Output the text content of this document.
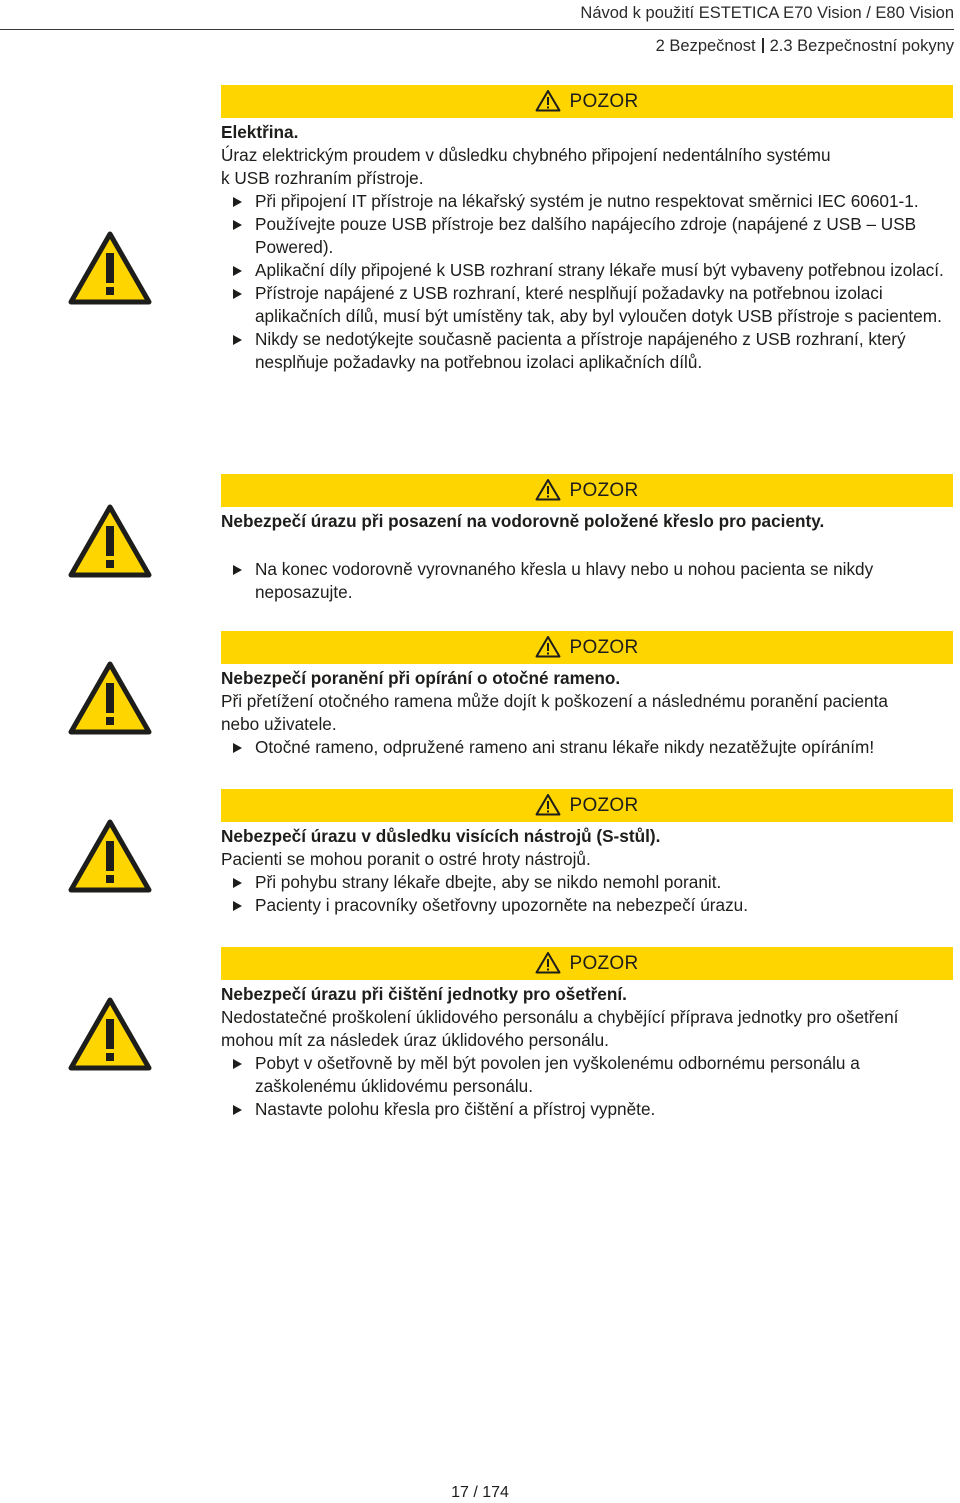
Návod k použití ESTETICA E70 Vision / E80 Vision
2 Bezpečnost 2.3 Bezpečnostní pokyny
POZOR

Elektřina.

Úraz elektrickým proudem v důsledku chybného připojení nedentálního systému
k USB rozhraním přístroje.

Při připojení IT přístroje na lékařský systém je nutno respektovat směrnici IEC 60601-1.

Používejte pouze USB přístroje bez dalšího napájecího zdroje (napájené z USB – USB Powered).

Aplikační díly připojené k USB rozhraní strany lékaře musí být vybaveny potřebnou izolací.

Přístroje napájené z USB rozhraní, které nesplňují požadavky na potřebnou izolaci aplikačních dílů, musí být umístěny tak, aby byl vyloučen dotyk USB přístroje s pacientem.

Nikdy se nedotýkejte současně pacienta a přístroje napájeného z USB rozhraní, který nesplňuje požadavky na potřebnou izolaci aplikačních dílů.

POZOR

Nebezpečí úrazu při posazení na vodorovně položené křeslo pro pacienty.

Na konec vodorovně vyrovnaného křesla u hlavy nebo u nohou pacienta se nikdy neposazujte.

POZOR

Nebezpečí poranění při opírání o otočné rameno.

Při přetížení otočného ramena může dojít k poškození a následnému poranění pacienta nebo uživatele.

Otočné rameno, odpružené rameno ani stranu lékaře nikdy nezatěžujte opíráním!

POZOR

Nebezpečí úrazu v důsledku visících nástrojů (S-stůl).

Pacienti se mohou poranit o ostré hroty nástrojů.

Při pohybu strany lékaře dbejte, aby se nikdo nemohl poranit.

Pacienty i pracovníky ošetřovny upozorněte na nebezpečí úrazu.

POZOR

Nebezpečí úrazu při čištění jednotky pro ošetření.

Nedostatečné proškolení úklidového personálu a chybějící příprava jednotky pro ošetření mohou mít za následek úraz úklidového personálu.

Pobyt v ošetřovně by měl být povolen jen vyškolenému odbornému personálu a zaškolenému úklidovému personálu.

Nastavte polohu křesla pro čištění a přístroj vypněte.

17 / 174
